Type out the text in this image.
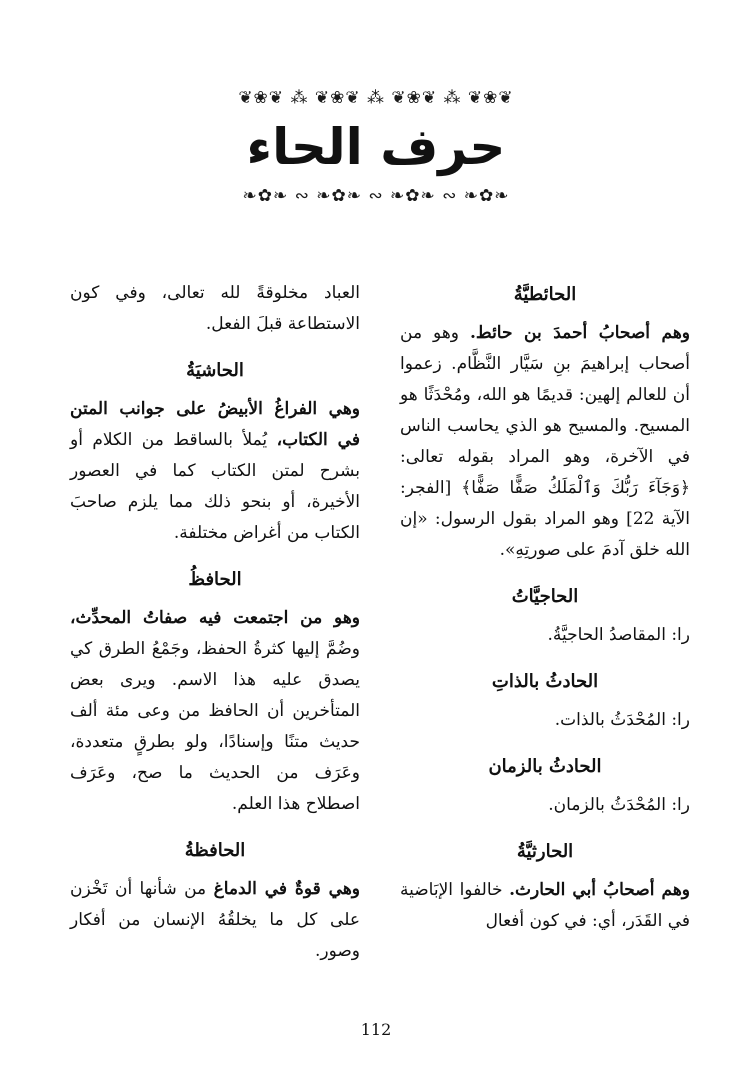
❦❀❦ ⁂ ❦❀❦ ⁂ ❦❀❦ ⁂ ❦❀❦
حرف الحاء
❧✿❧ ∾ ❧✿❧ ∾ ❧✿❧ ∾ ❧✿❧
الحائطيَّةُ

وهم أصحابُ أحمدَ بن حائط. وهو من أصحاب إبراهيمَ بنِ سَيَّار النَّظَّام. زعموا أن للعالم إلهين: قديمًا هو الله، ومُحْدَثًا هو المسيح. والمسيح هو الذي يحاسب الناس في الآخرة، وهو المراد بقوله تعالى: ﴿وَجَآءَ رَبُّكَ وَٱلْمَلَكُ صَفًّا صَفًّا﴾ [الفجر: الآية 22] وهو المراد بقول الرسول: «إن الله خلق آدمَ على صورتِهِ».

الحاجيَّاتُ

را: المقاصدُ الحاجيَّةُ.

الحادثُ بالذاتِ

را: المُحْدَثُ بالذات.

الحادثُ بالزمان

را: المُحْدَثُ بالزمان.

الحارثيَّةُ

وهم أصحابُ أبي الحارث. خالفوا الإبَاضية في القَدَر، أي: في كون أفعال

العباد مخلوقةً لله تعالى، وفي كون الاستطاعة قبلَ الفعل.

الحاشيَةُ

وهي الفراغُ الأبيضُ على جوانب المتن في الكتاب، يُملأ بالساقط من الكلام أو بشرح لمتن الكتاب كما في العصور الأخيرة، أو بنحو ذلك مما يلزم صاحبَ الكتاب من أغراض مختلفة.

الحافظُ

وهو من اجتمعت فيه صفاتُ المحدِّث، وضُمَّ إليها كثرةُ الحفظ، وجَمْعُ الطرق كي يصدق عليه هذا الاسم. ويرى بعض المتأخرين أن الحافظ من وعى مئة ألف حديث متنًا وإسنادًا، ولو بطرقٍ متعددة، وعَرَف من الحديث ما صح، وعَرَف اصطلاح هذا العلم.

الحافظةُ

وهي قوةٌ في الدماغ من شأنها أن تَخْزن على كل ما يخلقُهُ الإنسان من أفكار وصور.

112
